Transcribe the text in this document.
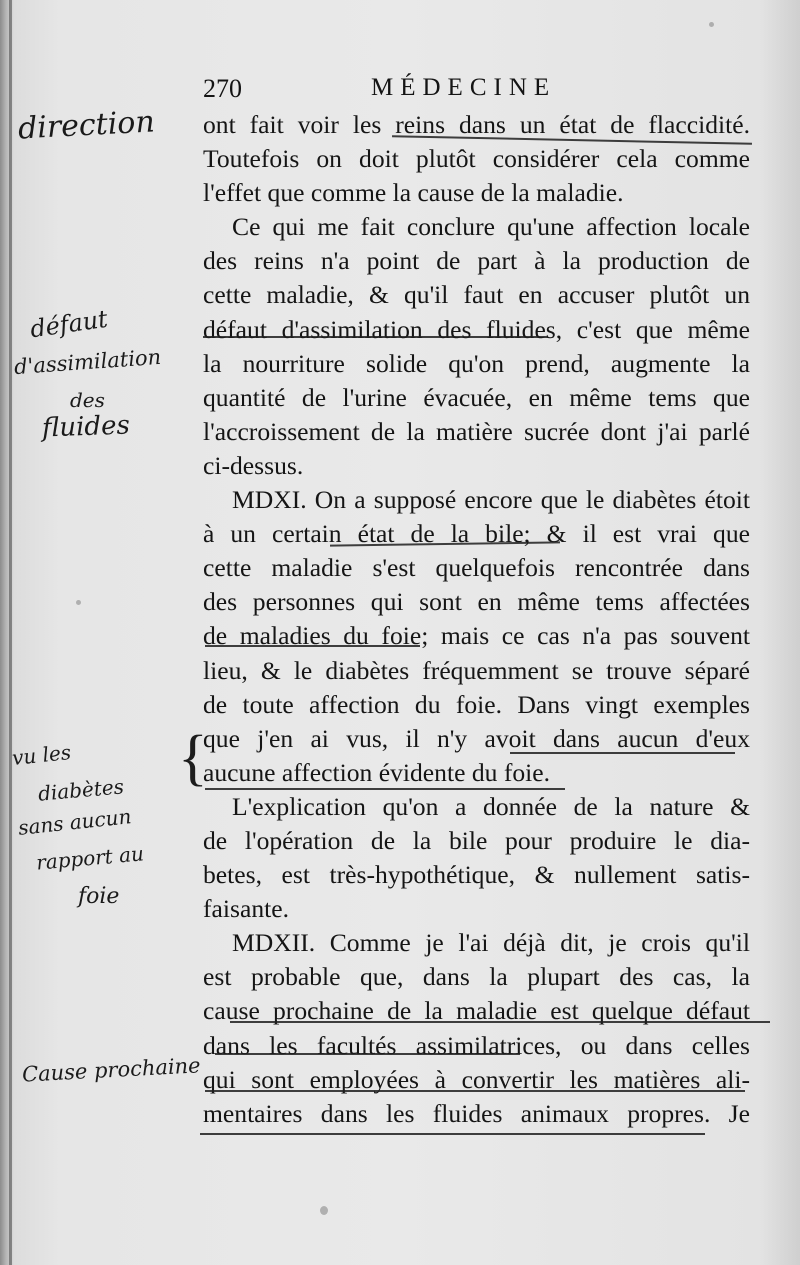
270	MÉDECINE
ont fait voir les reins dans un état de flaccidité.
Toutefois on doit plutôt considérer cela comme
l'effet que comme la cause de la maladie.
Ce qui me fait conclure qu'une affection locale
des reins n'a point de part à la production de
cette maladie, & qu'il faut en accuser plutôt un
défaut d'assimilation des fluides, c'est que même
la nourriture solide qu'on prend, augmente la
quantité de l'urine évacuée, en même tems que
l'accroissement de la matière sucrée dont j'ai parlé
ci-dessus.
MDXI. On a supposé encore que le diabètes étoit
à un certain état de la bile; & il est vrai que
cette maladie s'est quelquefois rencontrée dans
des personnes qui sont en même tems affectées
de maladies du foie; mais ce cas n'a pas souvent
lieu, & le diabètes fréquemment se trouve séparé
de toute affection du foie. Dans vingt exemples
que j'en ai vus, il n'y avoit dans aucun d'eux
aucune affection évidente du foie.
L'explication qu'on a donnée de la nature &
de l'opération de la bile pour produire le dia-
betes, est très-hypothétique, & nullement satis-
faisante.
MDXII. Comme je l'ai déjà dit, je crois qu'il
est probable que, dans la plupart des cas, la
cause prochaine de la maladie est quelque défaut
dans les facultés assimilatrices, ou dans celles
qui sont employées à convertir les matières ali-
mentaires dans les fluides animaux propres. Je
{
direction
défaut
d'assimilation
des
fluides
vu les
diabètes
sans aucun
rapport au
foie
Cause prochaine
